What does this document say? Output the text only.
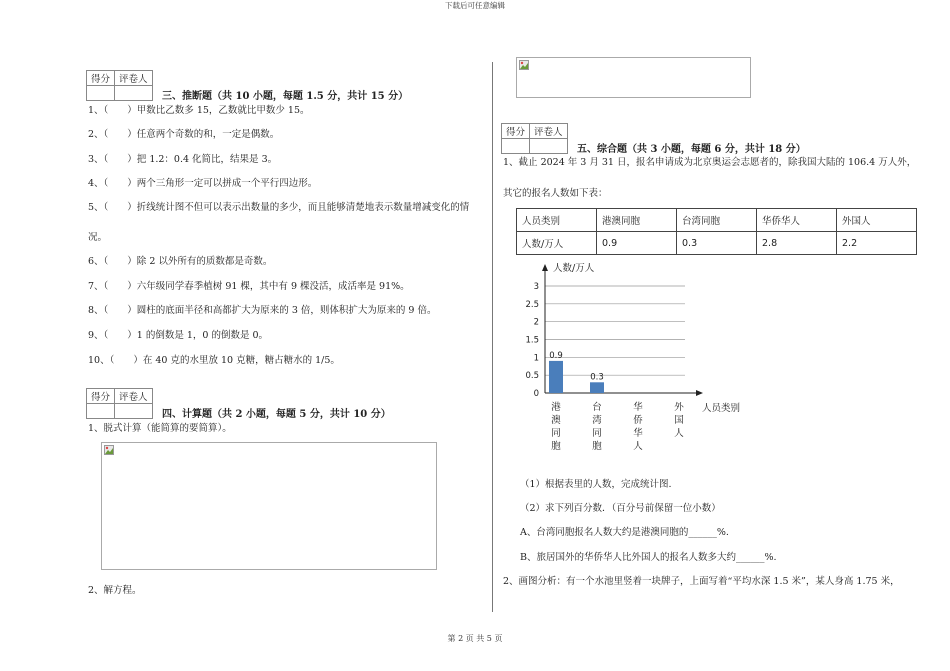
下载后可任意编辑
得分	评卷人

三、推断题（共 10 小题，每题 1.5 分，共计 15 分）
1、（　　）甲数比乙数多 15，乙数就比甲数少 15。
2、（　　）任意两个奇数的和，一定是偶数。
3、（　　）把 1.2：0.4 化简比，结果是 3。
4、（　　）两个三角形一定可以拼成一个平行四边形。
5、（　　）折线统计图不但可以表示出数量的多少，而且能够清楚地表示数量增减变化的情
况。
6、（　　）除 2 以外所有的质数都是奇数。
7、（　　）六年级同学春季植树 91 棵，其中有 9 棵没活，成活率是 91%。
8、（　　）圆柱的底面半径和高都扩大为原来的 3 倍，则体积扩大为原来的 9 倍。
9、（　　）1 的倒数是 1，0 的倒数是 0。
10、（　　）在 40 克的水里放 10 克糖，糖占糖水的 1/5。
得分	评卷人

四、计算题（共 2 小题，每题 5 分，共计 10 分）
1、脱式计算（能简算的要简算）。
2、解方程。
得分	评卷人

五、综合题（共 3 小题，每题 6 分，共计 18 分）
1、截止 2024 年 3 月 31 日，报名申请成为北京奥运会志愿者的，除我国大陆的 106.4 万人外，
其它的报名人数如下表：
人员类别	港澳同胞	台湾同胞	华侨华人	外国人
人数/万人	0.9	0.3	2.8	2.2
0
0.5
1
1.5
2
2.5
3
人数/万人
人员类别
0.9
港
澳
同
胞
0.3
台
湾
同
胞
华
侨
华
人
外
国
人
（1）根据表里的人数，完成统计图.
（2）求下列百分数．（百分号前保留一位小数）
A、台湾同胞报名人数大约是港澳同胞的______%.
B、旅居国外的华侨华人比外国人的报名人数多大约______%.
2、画图分析：有一个水池里竖着一块牌子，上面写着“平均水深 1.5 米”，某人身高 1.75 米，
第 2 页 共 5 页
